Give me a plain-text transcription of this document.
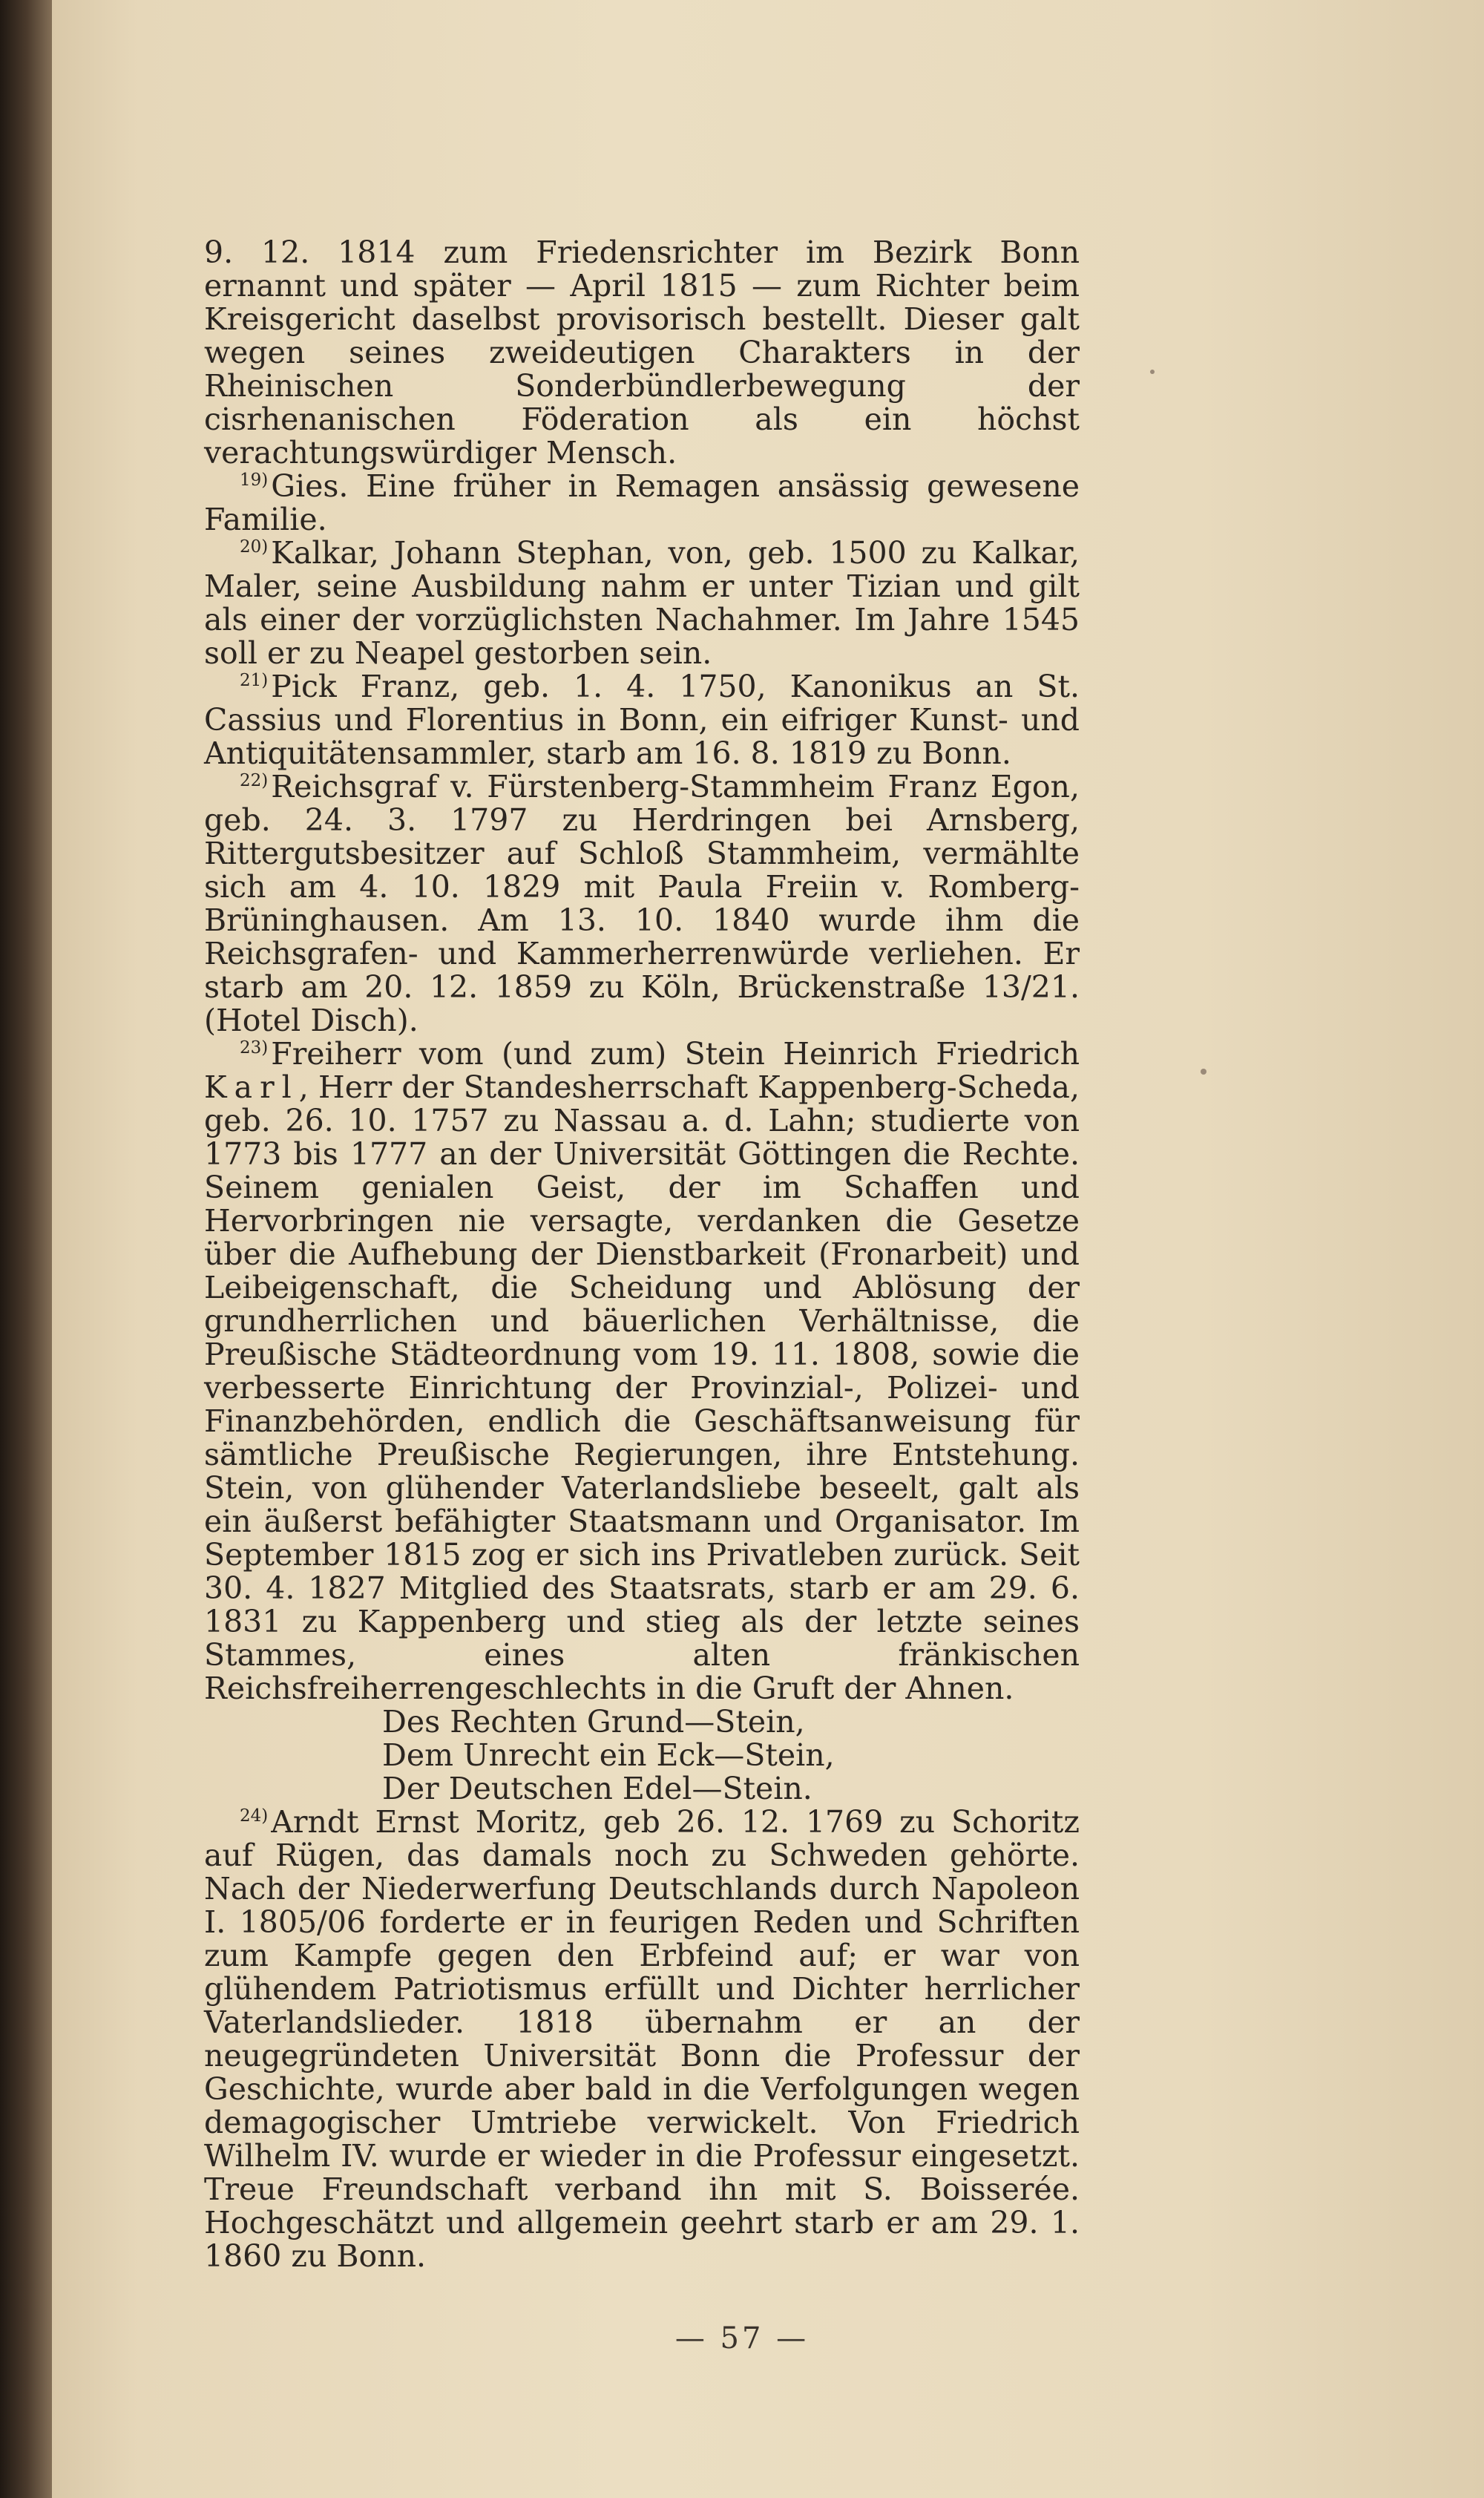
9. 12. 1814 zum Friedensrichter im Bezirk Bonn ernannt und später — April 1815 — zum Richter beim Kreisgericht daselbst provisorisch bestellt. Dieser galt wegen seines zweideutigen Charakters in der Rheinischen Sonderbündlerbewegung der cisrhenanischen Föderation als ein höchst verachtungswürdiger Mensch.

$^{19)}$Gies. Eine früher in Remagen ansässig gewesene Familie.

$^{20)}$Kalkar, Johann Stephan, von, geb. 1500 zu Kalkar, Maler, seine Ausbildung nahm er unter Tizian und gilt als einer der vorzüglichsten Nachahmer. Im Jahre 1545 soll er zu Neapel gestorben sein.

$^{21)}$Pick Franz, geb. 1. 4. 1750, Kanonikus an St. Cassius und Florentius in Bonn, ein eifriger Kunst- und Antiquitätensammler, starb am 16. 8. 1819 zu Bonn.

$^{22)}$Reichsgraf v. Fürstenberg-Stammheim Franz Egon, geb. 24. 3. 1797 zu Herdringen bei Arnsberg, Rittergutsbesitzer auf Schloß Stammheim, vermählte sich am 4. 10. 1829 mit Paula Freiin v. Romberg-Brüninghausen. Am 13. 10. 1840 wurde ihm die Reichsgrafen- und Kammerherrenwürde verliehen. Er starb am 20. 12. 1859 zu Köln, Brückenstraße 13/21. (Hotel Disch).

$^{23)}$Freiherr vom (und zum) Stein Heinrich Friedrich Karl, Herr der Standesherrschaft Kappenberg-Scheda, geb. 26. 10. 1757 zu Nassau a. d. Lahn; studierte von 1773 bis 1777 an der Universität Göttingen die Rechte. Seinem genialen Geist, der im Schaffen und Hervorbringen nie versagte, verdanken die Gesetze über die Aufhebung der Dienstbarkeit (Fronarbeit) und Leibeigenschaft, die Scheidung und Ablösung der grundherrlichen und bäuerlichen Verhältnisse, die Preußische Städteordnung vom 19. 11. 1808, sowie die verbesserte Einrichtung der Provinzial-, Polizei- und Finanzbehörden, endlich die Geschäftsanweisung für sämtliche Preußische Regierungen, ihre Entstehung. Stein, von glühender Vaterlandsliebe beseelt, galt als ein äußerst befähigter Staatsmann und Organisator. Im September 1815 zog er sich ins Privatleben zurück. Seit 30. 4. 1827 Mitglied des Staatsrats, starb er am 29. 6. 1831 zu Kappenberg und stieg als der letzte seines Stammes, eines alten fränkischen Reichsfreiherrengeschlechts in die Gruft der Ahnen.

Des Rechten Grund—Stein,

Dem Unrecht ein Eck—Stein,

Der Deutschen Edel—Stein.

$^{24)}$Arndt Ernst Moritz, geb 26. 12. 1769 zu Schoritz auf Rügen, das damals noch zu Schweden gehörte. Nach der Niederwerfung Deutschlands durch Napoleon I. 1805/06 forderte er in feurigen Reden und Schriften zum Kampfe gegen den Erbfeind auf; er war von glühendem Patriotismus erfüllt und Dichter herrlicher Vaterlandslieder. 1818 übernahm er an der neugegründeten Universität Bonn die Professur der Geschichte, wurde aber bald in die Verfolgungen wegen demagogischer Umtriebe verwickelt. Von Friedrich Wilhelm IV. wurde er wieder in die Professur eingesetzt. Treue Freundschaft verband ihn mit S. Boisserée. Hochgeschätzt und allgemein geehrt starb er am 29. 1. 1860 zu Bonn.

— 57 —
